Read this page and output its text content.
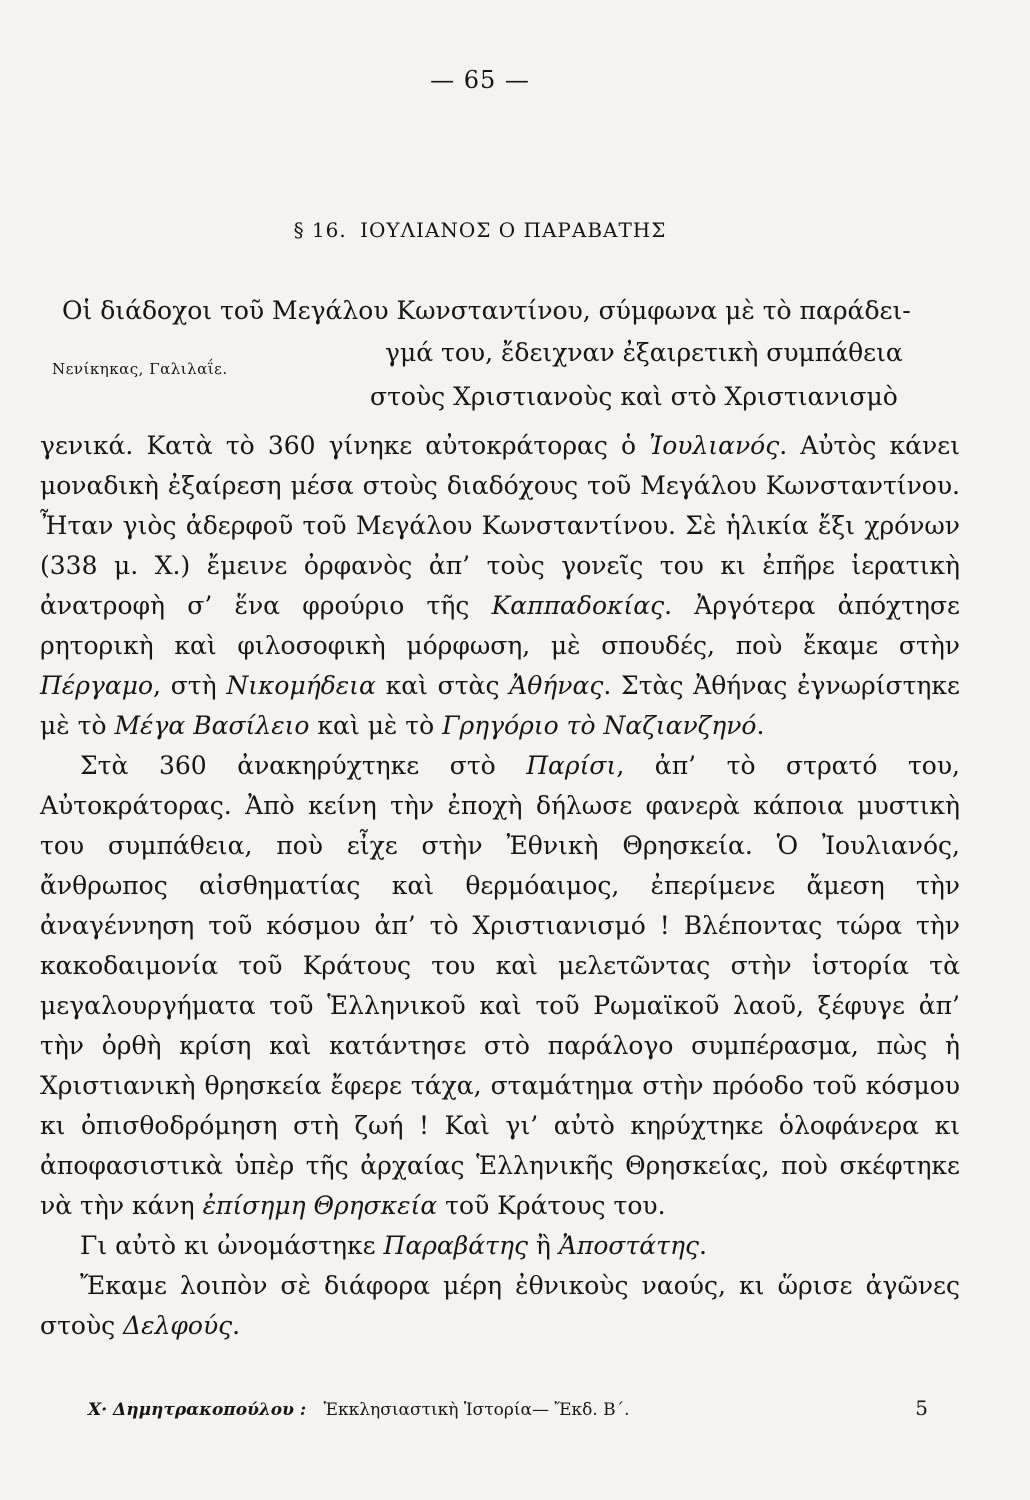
— 65 —
§ 16. ΙΟΥΛΙΑΝΟΣ Ο ΠΑΡΑΒΑΤΗΣ
Οἱ διάδοχοι τοῦ Μεγάλου Κωνσταντίνου, σύμφωνα μὲ τὸ παράδει-
Νενίκηκας, Γαλιλαΐε.
γμά του, ἔδειχναν ἐξαιρετικὴ συμπάθεια
στοὺς Χριστιανοὺς καὶ στὸ Χριστιανισμὸ

γενικά. Κατὰ τὸ 360 γίνηκε αὐτοκράτορας ὁ Ἰουλιανός. Αὐτὸς κάνει μοναδικὴ ἐξαίρεση μέσα στοὺς διαδόχους τοῦ Μεγάλου Κωνσταντίνου. Ἦταν γιὸς ἀδερφοῦ τοῦ Μεγάλου Κωνσταντίνου. Σὲ ἡλικία ἔξι χρόνων (338 μ. Χ.) ἔμεινε ὀρφανὸς ἀπ’ τοὺς γονεῖς του κι ἐπῆρε ἱερατικὴ ἀνατροφὴ σ’ ἕνα φρούριο τῆς Καππαδοκίας. Ἀργότερα ἀπόχτησε ρητορικὴ καὶ φιλοσοφικὴ μόρφωση, μὲ σπουδές, ποὺ ἔκαμε στὴν Πέργαμο, στὴ Νικομήδεια καὶ στὰς Ἀθήνας. Στὰς Ἀθήνας ἐγνωρίστηκε μὲ τὸ Μέγα Βασίλειο καὶ μὲ τὸ Γρηγόριο τὸ Ναζιανζηνό.

Στὰ 360 ἀνακηρύχτηκε στὸ Παρίσι, ἀπ’ τὸ στρατό του, Αὐτοκράτορας. Ἀπὸ κείνη τὴν ἐποχὴ δήλωσε φανερὰ κάποια μυστικὴ του συμπάθεια, ποὺ εἶχε στὴν Ἐθνικὴ Θρησκεία. Ὁ Ἰουλιανός, ἄνθρωπος αἰσθηματίας καὶ θερμόαιμος, ἐπερίμενε ἄμεση τὴν ἀναγέννηση τοῦ κόσμου ἀπ’ τὸ Χριστιανισμό ! Βλέποντας τώρα τὴν κακοδαιμονία τοῦ Κράτους του καὶ μελετῶντας στὴν ἱστορία τὰ μεγαλουργήματα τοῦ Ἑλληνικοῦ καὶ τοῦ Ρωμαϊκοῦ λαοῦ, ξέφυγε ἀπ’ τὴν ὀρθὴ κρίση καὶ κατάντησε στὸ παράλογο συμπέρασμα, πὼς ἡ Χριστιανικὴ θρησκεία ἔφερε τάχα, σταμάτημα στὴν πρόοδο τοῦ κόσμου κι ὀπισθοδρόμηση στὴ ζωή ! Καὶ γι’ αὐτὸ κηρύχτηκε ὁλοφάνερα κι ἀποφασιστικὰ ὑπὲρ τῆς ἀρχαίας Ἑλληνικῆς Θρησκείας, ποὺ σκέφτηκε νὰ τὴν κάνη ἐπίσημη Θρησκεία τοῦ Κράτους του.

Γι αὐτὸ κι ὠνομάστηκε Παραβάτης ἢ Ἀποστάτης.

Ἔκαμε λοιπὸν σὲ διάφορα μέρη ἐθνικοὺς ναούς, κι ὥρισε ἀγῶνες στοὺς Δελφούς.

Χ· Δημητρακοπούλου : Ἐκκλησιαστικὴ Ἱστορία— Ἔκδ. Β΄.	5
